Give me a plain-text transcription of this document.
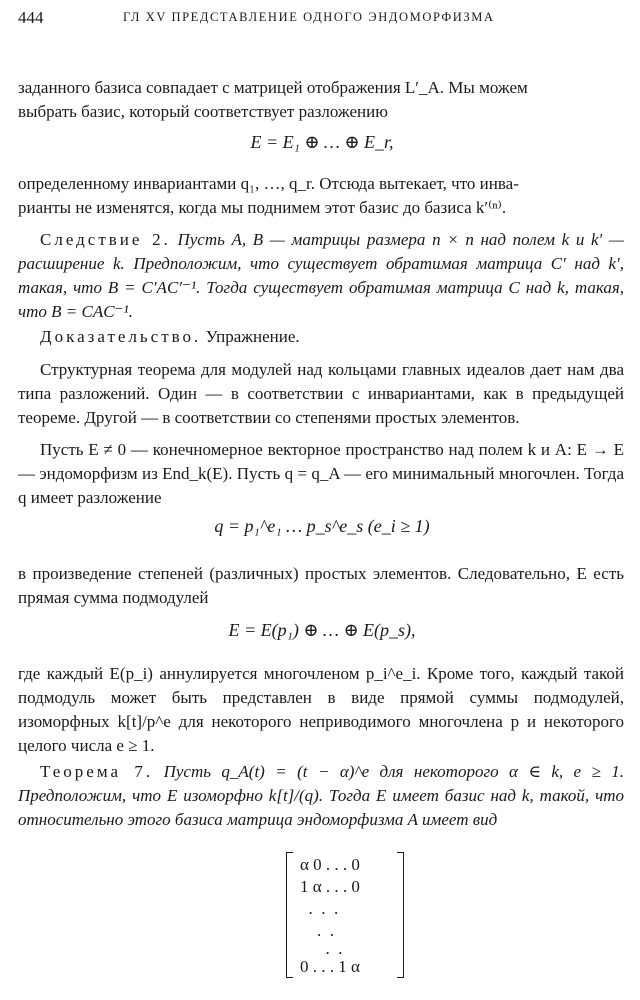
444	ГЛ XV ПРЕДСТАВЛЕНИЕ ОДНОГО ЭНДОМОРФИЗМА

заданного базиса совпадает с матрицей отображения L′_A. Мы можем

выбрать базис, который соответствует разложению

E = E₁ ⊕ … ⊕ E_r,

определенному инвариантами q₁, …, q_r. Отсюда вытекает, что инва-

рианты не изменятся, когда мы поднимем этот базис до базиса k′⁽ⁿ⁾.

Следствие 2. Пусть A, B — матрицы размера n × n над полем k и k′ — расширение k. Предположим, что существует обратимая матрица C′ над k′, такая, что B = C′AC′⁻¹. Тогда существует обратимая матрица C над k, такая, что B = CAC⁻¹.

Доказательство. Упражнение.

Структурная теорема для модулей над кольцами главных идеалов дает нам два типа разложений. Один — в соответствии с инвариантами, как в предыдущей теореме. Другой — в соответствии со степенями простых элементов.

Пусть E ≠ 0 — конечномерное векторное пространство над полем k и A: E → E — эндоморфизм из End_k(E). Пусть q = q_A — его минимальный многочлен. Тогда q имеет разложение

q = p₁^e₁ … p_s^e_s (e_i ≥ 1)

в произведение степеней (различных) простых элементов. Следовательно, E есть прямая сумма подмодулей

E = E(p₁) ⊕ … ⊕ E(p_s),

где каждый E(p_i) аннулируется многочленом p_i^e_i. Кроме того, каждый такой подмодуль может быть представлен в виде прямой суммы подмодулей, изоморфных k[t]/p^e для некоторого неприводимого многочлена p и некоторого целого числа e ≥ 1.

Теорема 7. Пусть q_A(t) = (t − α)^e для некоторого α ∈ k, e ≥ 1. Предположим, что E изоморфно k[t]/(q). Тогда E имеет базис над k, такой, что относительно этого базиса матрица эндоморфизма A имеет вид

α 0 . . . 0
1 α . . . 0
.  .  .
.  .
.  .
0 . . . 1 α
